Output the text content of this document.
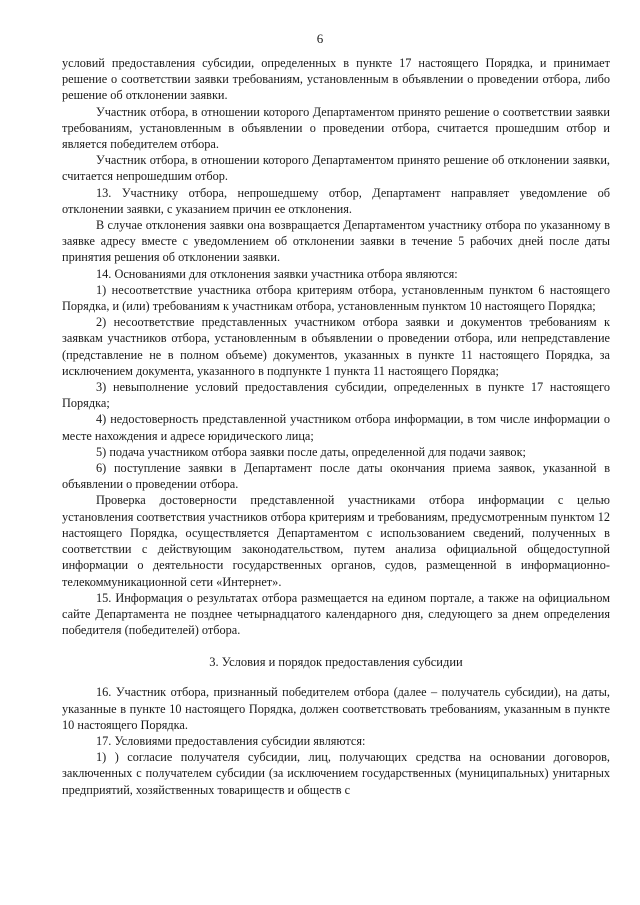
6

условий предоставления субсидии, определенных в пункте 17 настоящего Порядка, и принимает решение о соответствии заявки требованиям, установленным в объявлении о проведении отбора, либо решение об отклонении заявки.

Участник отбора, в отношении которого Департаментом принято решение о соответствии заявки требованиям, установленным в объявлении о проведении отбора, считается прошедшим отбор и является победителем отбора.

Участник отбора, в отношении которого Департаментом принято решение об отклонении заявки, считается непрошедшим отбор.

13. Участнику отбора, непрошедшему отбор, Департамент направляет уведомление об отклонении заявки, с указанием причин ее отклонения.

В случае отклонения заявки она возвращается Департаментом участнику отбора по указанному в заявке адресу вместе с уведомлением об отклонении заявки в течение 5 рабочих дней после даты принятия решения об отклонении заявки.

14. Основаниями для отклонения заявки участника отбора являются:

1) несоответствие участника отбора критериям отбора, установленным пунктом 6 настоящего Порядка, и (или) требованиям к участникам отбора, установленным пунктом 10 настоящего Порядка;

2) несоответствие представленных участником отбора заявки и документов требованиям к заявкам участников отбора, установленным в объявлении о проведении отбора, или непредставление (представление не в полном объеме) документов, указанных в пункте 11 настоящего Порядка, за исключением документа, указанного в подпункте 1 пункта 11 настоящего Порядка;

3) невыполнение условий предоставления субсидии, определенных в пункте 17 настоящего Порядка;

4) недостоверность представленной участником отбора информации, в том числе информации о месте нахождения и адресе юридического лица;

5) подача участником отбора заявки после даты, определенной для подачи заявок;

6) поступление заявки в Департамент после даты окончания приема заявок, указанной в объявлении о проведении отбора.

Проверка достоверности представленной участниками отбора информации с целью установления соответствия участников отбора критериям и требованиям, предусмотренным пунктом 12 настоящего Порядка, осуществляется Департаментом с использованием сведений, полученных в соответствии с действующим законодательством, путем анализа официальной общедоступной информации о деятельности государственных органов, судов, размещенной в информационно-телекоммуникационной сети «Интернет».

15. Информация о результатах отбора размещается на едином портале, а также на официальном сайте Департамента не позднее четырнадцатого календарного дня, следующего за днем определения победителя (победителей) отбора.

3. Условия и порядок предоставления субсидии

16. Участник отбора, признанный победителем отбора (далее – получатель субсидии), на даты, указанные в пункте 10 настоящего Порядка, должен соответствовать требованиям, указанным в пункте 10 настоящего Порядка.

17. Условиями предоставления субсидии являются:

1) ) согласие получателя субсидии, лиц, получающих средства на основании договоров, заключенных с получателем субсидии (за исключением государственных (муниципальных) унитарных предприятий, хозяйственных товариществ и обществ с
